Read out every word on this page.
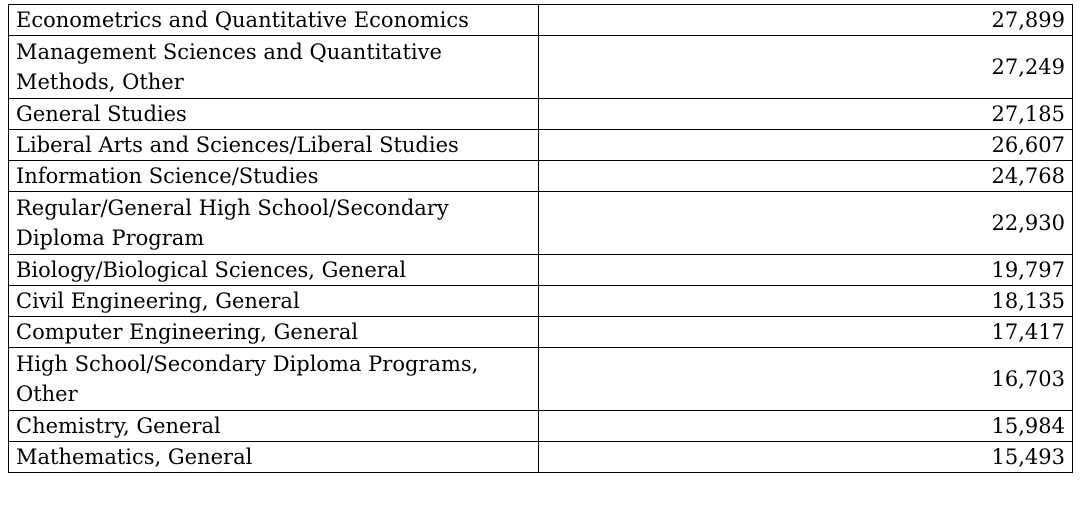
Econometrics and Quantitative Economics	27,899
Management Sciences and Quantitative Methods, Other	27,249
General Studies	27,185
Liberal Arts and Sciences/Liberal Studies	26,607
Information Science/Studies	24,768
Regular/General High School/Secondary Diploma Program	22,930
Biology/Biological Sciences, General	19,797
Civil Engineering, General	18,135
Computer Engineering, General	17,417
High School/Secondary Diploma Programs, Other	16,703
Chemistry, General	15,984
Mathematics, General	15,493
